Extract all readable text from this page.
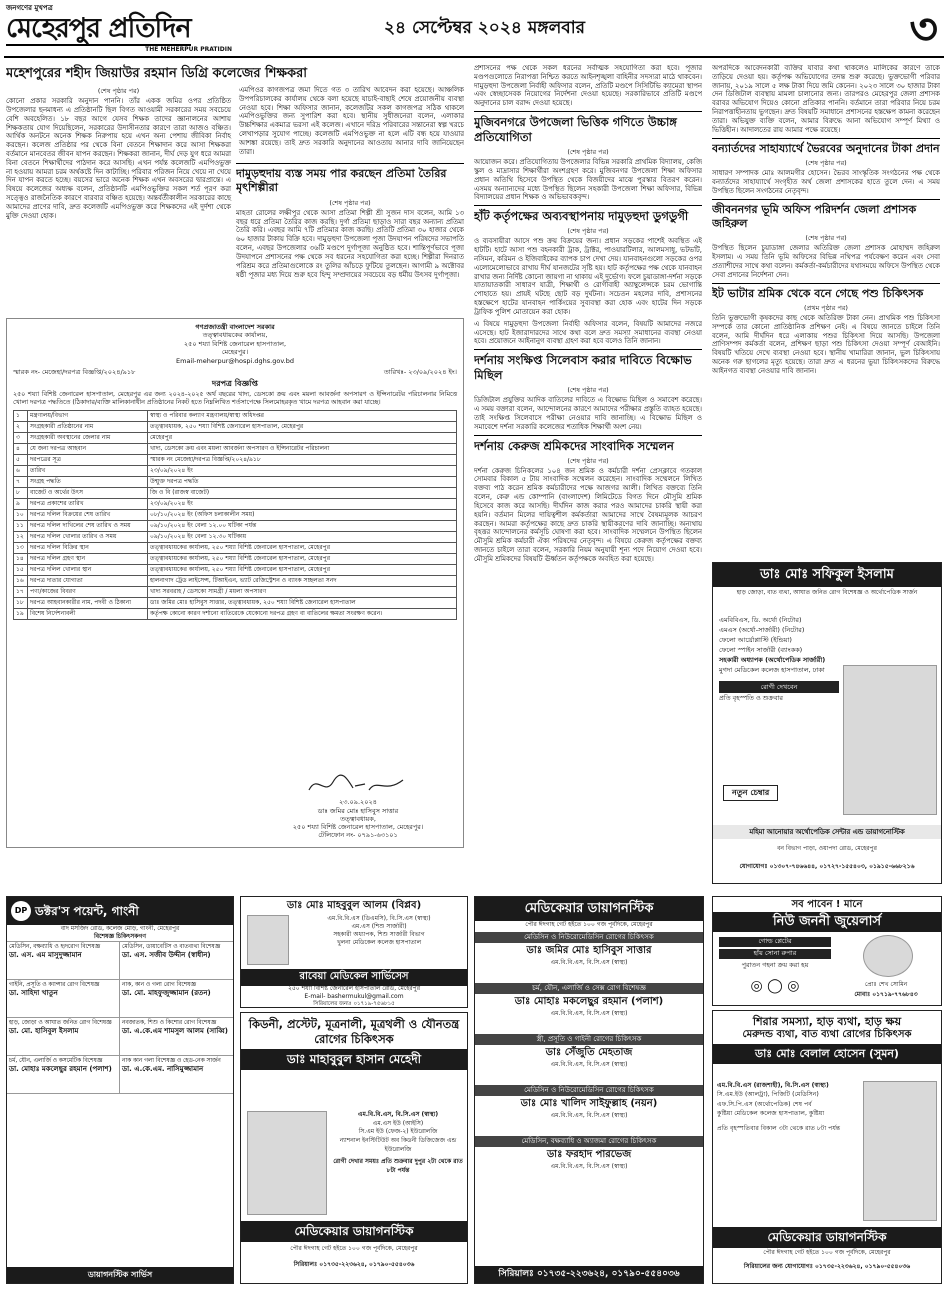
জনগণের মুখপত্র
মেহেরপুর প্রতিদিন
THE MEHERPUR PRATIDIN
২৪ সেপ্টেম্বর ২০২৪ মঙ্গলবার	৩
মহেশপুরের শহীদ জিয়াউর রহমান ডিগ্রি কলেজের শিক্ষকরা
(শেষ পৃষ্ঠার পর)
কোনো প্রকার সরকারি অনুদান পাননি। তাঁর একক জমির ওপর প্রতিষ্ঠিত উপজেলার ছনমাধন্য এ প্রতিষ্ঠানটি ছিল বিগত আওয়ামী সরকারের সময় সবচেয়ে বেশি অবহেলিত। ১৮ বছর আগে যেসব শিক্ষক তাদের জ্ঞানালনের আশায় শিক্ষকতায় যোগ দিয়েছিলেন, সরকারের উদাসীনতার কারণে তারা আজও বঞ্চিত। আর্থিক অনটনে অনেক শিক্ষক নিরুপায় হয়ে এখন অন্য পেশায় জীবিকা নির্বাহ করছেন। কলেজ প্রতিষ্ঠার পর থেকে বিনা বেতনে শিক্ষাদান করে আসা শিক্ষকরা বর্তমানে মানবেতর জীবন যাপন করছেন। শিক্ষকরা জানান, দীর্ঘ দেড় যুগ ধরে আমরা বিনা বেতনে শিক্ষার্থীদের পাঠদান করে আসছি। এখন পর্যন্ত কলেজটি এমপিওভুক্ত না হওয়ায় আমরা চরম অর্থকষ্টে দিন কাটাচ্ছি। পরিবার পরিজন নিয়ে খেয়ে না খেয়ে দিন যাপন করতে হচ্ছে। বয়সের ভারে অনেক শিক্ষক এখন অবসরের দ্বারপ্রান্তে। এ বিষয়ে কলেজের অধ্যক্ষ বলেন, প্রতিষ্ঠানটি এমপিওভুক্তির সকল শর্ত পূরণ করা সত্ত্বেও রাজনৈতিক কারণে বারবার বঞ্চিত হয়েছে। অন্তর্বর্তীকালীন সরকারের কাছে আমাদের প্রাণের দাবি, দ্রুত কলেজটি এমপিওভুক্ত করে শিক্ষকদের এই দুর্দশা থেকে মুক্তি দেওয়া হোক।
এমপিওর কাগজপত্র জমা দিতে গত ৩ তারিখ আবেদন করা হয়েছে। আঞ্চলিক উপপরিচালকের কার্যালয় থেকে বলা হয়েছে যাচাই-বাছাই শেষে প্রয়োজনীয় ব্যবস্থা নেওয়া হবে। শিক্ষা অফিসার জানান, কলেজটির সকল কাগজপত্র সঠিক থাকলে এমপিওভুক্তির জন্য সুপারিশ করা হবে। স্থানীয় সুধীজনেরা বলেন, এলাকার উচ্চশিক্ষার একমাত্র ভরসা এই কলেজ। এখানে দরিদ্র পরিবারের সন্তানেরা স্বল্প খরচে লেখাপড়ার সুযোগ পাচ্ছে। কলেজটি এমপিওভুক্ত না হলে এটি বন্ধ হয়ে যাওয়ার আশঙ্কা রয়েছে। তাই দ্রুত সরকারি অনুদানের আওতায় আনার দাবি জানিয়েছেন তারা।
দামুড়হুদায় ব্যস্ত সময় পার করছেন প্রতিমা তৈরির মৃৎশিল্পীরা
(শেষ পৃষ্ঠার পর)
মাহতা রোলের লক্ষীপুর থেকে আসা প্রতিমা শিল্পী শ্রী সুজন দাস বলেন, আমি ১৩ বছর ধরে প্রতিমা তৈরির কাজ করছি। দুর্গা প্রতিমা ছাড়াও সারা বছর অন্যান্য প্রতিমা তৈরি করি। এবছর আমি ৭টি প্রতিমার কাজ করছি। প্রতিটি প্রতিমা ৩০ হাজার থেকে ৬০ হাজার টাকায় বিক্রি হবে। দামুড়হুদা উপজেলা পূজা উদযাপন পরিষদের সভাপতি বলেন, এবছর উপজেলার ৩৬টি মণ্ডপে দুর্গাপূজা অনুষ্ঠিত হবে। শান্তিপূর্ণভাবে পূজা উদযাপনে প্রশাসনের পক্ষ থেকে সব ধরনের সহযোগিতা করা হচ্ছে। শিল্পীরা দিনরাত পরিশ্রম করে প্রতিমাগুলোকে রং তুলির আঁচড়ে ফুটিয়ে তুলছেন। আগামী ৯ অক্টোবর ষষ্ঠী পূজার মধ্য দিয়ে শুরু হবে হিন্দু সম্প্রদায়ের সবচেয়ে বড় ধর্মীয় উৎসব দুর্গাপূজা।
গণপ্রজাতন্ত্রী বাংলাদেশ সরকার
তত্ত্বাবধায়কের কার্যালয়,
২৫০ শয্যা বিশিষ্ট জেনারেল হাসপাতাল,
মেহেরপুর।
Email-meherpur@hospi.dghs.gov.bd
স্মারক নং- মেজেহা/দরপত্র বিজ্ঞপ্তি/২০২৪/৯১৮	তারিখঃ- ২৩/০৯/২০২৪ ইং।
দরপত্র বিজ্ঞপ্তি
২৫০ শয্যা বিশিষ্ট জেনারেল হাসপাতাল, মেহেরপুর এর জন্য ২০২৪-২০২৫ অর্থ বছরের খাদ্য, ডেসকো ক্রয় এবং ময়লা আবর্জনা অপসারণ ও ইন্সিনারেটর পরিচালনার নিমিত্তে খোলা দরপত্র পদ্ধতিতে (ঠিকাদার/ব্যক্তি মালিকানাধীন প্রতিষ্ঠানের নিকট হতে নিম্নলিখিত শর্তসাপেক্ষে সিলমোহরকৃত খামে দরপত্র আহবান করা যাচ্ছে।
১	মন্ত্রণালয়/বিভাগ	স্বাস্থ্য ও পরিবার কল্যাণ মন্ত্রণালয়/স্বাস্থ্য অধিদপ্তর
২	সংগ্রহকারী প্রতিষ্ঠানের নাম	তত্ত্বাবধায়ক, ২৫০ শয্যা বিশিষ্ট জেনারেল হাসপাতাল, মেহেরপুর
৩	সংগ্রহকারী অবস্থানের জেলার নাম	মেহেরপুর
৪	যে জন্য দরপত্র আহবান	খাদ্য, ডেসকো ক্রয় এবং ময়লা আবর্জনা অপসারণ ও ইন্সিনারেটর পরিচালনা
৫	দরপত্রের সূত্র	স্মারক নং মেজেহা/দরপত্র বিজ্ঞপ্তি/২০২৪/৯১৮
৬	তারিখ	২৩/০৯/২০২৪ ইং
৭	সংগ্রহ পদ্ধতি	উন্মুক্ত দরপত্র পদ্ধতি
৮	বাজেট ও অর্থের উৎস	জি ও বি (রাজস্ব বাজেট)
৯	দরপত্র প্রকাশের তারিখ	২৩/০৯/২০২৪ ইং
১০	দরপত্র দলিল বিক্রয়ের শেষ তারিখ	০৮/১০/২০২৪ ইং (অফিস চলাকালীন সময়)
১১	দরপত্র দলিল দাখিলের শেষ তারিখ ও সময়	০৯/১০/২০২৪ ইং বেলা ১২.০০ ঘটিকা পর্যন্ত
১২	দরপত্র দলিল খোলার তারিখ ও সময়	০৯/১০/২০২৪ ইং বেলা ১২.৩০ ঘটিকায়
১৩	দরপত্র দলিল বিক্রির স্থান	তত্ত্বাবধায়কের কার্যালয়, ২৫০ শয্যা বিশিষ্ট জেনারেল হাসপাতাল, মেহেরপুর
১৪	দরপত্র দলিল গ্রহণ স্থান	তত্ত্বাবধায়কের কার্যালয়, ২৫০ শয্যা বিশিষ্ট জেনারেল হাসপাতাল, মেহেরপুর
১৫	দরপত্র দলিল খোলার স্থান	তত্ত্বাবধায়কের কার্যালয়, ২৫০ শয্যা বিশিষ্ট জেনারেল হাসপাতাল, মেহেরপুর
১৬	দরপত্র দাতার যোগ্যতা	হালনাগাদ ট্রেড লাইসেন্স, টিআইএন, ভ্যাট রেজিস্ট্রেশন ও ব্যাংক সচ্ছলতা সনদ
১৭	পণ্য/কাজের বিবরণ	খাদ্য সরবরাহ / ডেসকো সামগ্রী / ময়লা অপসারণ
১৮	দরপত্র আহবানকারীর নাম, পদবী ও ঠিকানা	ডাঃ জমির মোঃ হাসিবুস সাত্তার, তত্ত্বাবধায়ক, ২৫০ শয্যা বিশিষ্ট জেনারেল হাসপাতাল
১৯	বিশেষ নির্দেশনাবলী	কর্তৃপক্ষ কোনো কারণ দর্শানো ব্যতিরেকে যেকোনো দরপত্র গ্রহণ বা বাতিলের ক্ষমতা সংরক্ষণ করেন।
২৩.০৯.২০২৪
ডাঃ জমির মোঃ হাসিবুস সাত্তার
তত্ত্বাবধায়ক,
২৫০ শয্যা বিশিষ্ট জেনারেল হাসপাতাল, মেহেরপুর।
টেলিফোন নং- ০৭৯১-৬৩১০১
প্রশাসনের পক্ষ থেকে সকল ধরনের সর্বাত্মক সহযোগিতা করা হবে। পূজার মণ্ডপগুলোতে নিরাপত্তা নিশ্চিত করতে আইনশৃঙ্খলা বাহিনীর সদস্যরা মাঠে থাকবেন। দামুড়হুদা উপজেলা নির্বাহী অফিসার বলেন, প্রতিটি মণ্ডপে সিসিটিভি ক্যামেরা স্থাপন এবং স্বেচ্ছাসেবক নিয়োগের নির্দেশনা দেওয়া হয়েছে। সরকারিভাবে প্রতিটি মণ্ডপে অনুদানের চাল বরাদ্দ দেওয়া হয়েছে।
মুজিবনগরে উপজেলা ভিত্তিক গণিতে উচ্চাঙ্গ প্রতিযোগিতা
(শেষ পৃষ্ঠার পর)
আয়োজন করে। প্রতিযোগিতায় উপজেলার বিভিন্ন সরকারি প্রাথমিক বিদ্যালয়, কেজি স্কুল ও মাদ্রাসার শিক্ষার্থীরা অংশগ্রহণ করে। মুজিবনগর উপজেলা শিক্ষা অফিসার প্রধান অতিথি হিসেবে উপস্থিত থেকে বিজয়ীদের মাঝে পুরস্কার বিতরণ করেন। এসময় অন্যান্যদের মধ্যে উপস্থিত ছিলেন সহকারী উপজেলা শিক্ষা অফিসার, বিভিন্ন বিদ্যালয়ের প্রধান শিক্ষক ও অভিভাবকবৃন্দ।
হাঁট কর্তৃপক্ষের অব্যবস্থাপনায় দামুড়হুদা ডুগডুগী
(শেষ পৃষ্ঠার পর)
ও ব্যবসায়ীরা আসে পশু ক্রয় বিক্রয়ের জন্য। প্রধান সড়কের পাশেই অবস্থিত এই হাটটি। হাটে আসা পশু বহনকারী ট্রাক, ট্রাক্টর, পাওয়ারটিলার, আলমসাধু, ভটভটি, নসিমন, করিমন ও ইজিবাইকের ব্যাপক চাপ দেখা দেয়। যানবাহনগুলো সড়কের ওপর এলোমেলোভাবে রাখায় দীর্ঘ যানজটের সৃষ্টি হয়। হাট কর্তৃপক্ষের পক্ষ থেকে যানবাহন রাখার জন্য নির্দিষ্ট কোনো জায়গা না থাকায় এই দুর্ভোগ। ফলে চুয়াডাঙ্গা-দর্শনা সড়কে যাতায়াতকারী সাধারণ যাত্রী, শিক্ষার্থী ও রোগীবাহী অ্যাম্বুলেন্সকে চরম ভোগান্তি পোহাতে হয়। প্রায়ই ঘটছে ছোট বড় দুর্ঘটনা। সচেতন মহলের দাবি, প্রশাসনের হস্তক্ষেপে হাটের যানবাহন পার্কিংয়ের সুব্যবস্থা করা হোক এবং হাটের দিন সড়কে ট্রাফিক পুলিশ মোতায়েন করা হোক।
এ বিষয়ে দামুড়হুদা উপজেলা নির্বাহী অফিসার বলেন, বিষয়টি আমাদের নজরে এসেছে। হাট ইজারাদারদের সাথে কথা বলে দ্রুত সমস্যা সমাধানের ব্যবস্থা নেওয়া হবে। প্রয়োজনে আইনানুগ ব্যবস্থা গ্রহণ করা হবে বলেও তিনি জানান।
দর্শনায় সংক্ষিপ্ত সিলেবাস করার দাবিতে বিক্ষোভ মিছিল
(শেষ পৃষ্ঠার পর)
ডিজিটাল প্রযুক্তির আদিক বাতিলের দাবিতে এ বিক্ষোভ মিছিল ও সমাবেশ করেছে। এ সময় বক্তারা বলেন, আন্দোলনের কারণে আমাদের পরীক্ষার প্রস্তুতি ব্যাহত হয়েছে। তাই সংক্ষিপ্ত সিলেবাসে পরীক্ষা নেওয়ার দাবি জানাচ্ছি। এ বিক্ষোভ মিছিল ও সমাবেশে দর্শনা সরকারি কলেজের শতাধিক শিক্ষার্থী অংশ নেয়।
দর্শনায় কেরুজ শ্রমিকদের সাংবাদিক সম্মেলন
(শেষ পৃষ্ঠার পর)
দর্শনা কেরুজ চিনিকলের ১০৪ জন শ্রমিক ও কর্মচারী দর্শনা প্রেসক্লাবে গতকাল সোমবার বিকাল ৫ টায় সাংবাদিক সম্মেলন করেছেন। সাংবাদিক সম্মেলনে লিখিত বক্তব্য পাঠ করেন শ্রমিক কর্মচারীদের পক্ষে আজগর আলী। লিখিত বক্তব্যে তিনি বলেন, কেরু এন্ড কোম্পানি (বাংলাদেশ) লিমিটেডে বিগত দিনে মৌসুমি শ্রমিক হিসেবে কাজ করে আসছি। দীর্ঘদিন কাজ করার পরও আমাদের চাকরি স্থায়ী করা হয়নি। বর্তমান মিলের দায়িত্বশীল কর্মকর্তারা আমাদের সাথে বৈষম্যমূলক আচরণ করছেন। আমরা কর্তৃপক্ষের কাছে দ্রুত চাকরি স্থায়ীকরণের দাবি জানাচ্ছি। অন্যথায় বৃহত্তর আন্দোলনের কর্মসূচি ঘোষণা করা হবে। সাংবাদিক সম্মেলনে উপস্থিত ছিলেন মৌসুমি শ্রমিক কর্মচারী ঐক্য পরিষদের নেতৃবৃন্দ। এ বিষয়ে কেরুজ কর্তৃপক্ষের বক্তব্য জানতে চাইলে তারা বলেন, সরকারি নিয়ম অনুযায়ী শূন্য পদে নিয়োগ দেওয়া হবে। মৌসুমি শ্রমিকদের বিষয়টি ঊর্ধ্বতন কর্তৃপক্ষকে অবহিত করা হয়েছে।
অপরদিকে আবেদনকারী ব্যক্তির যাবার কথা থাকলেও মালিকের কারণে তাকে তাড়িয়ে দেওয়া হয়। কর্তৃপক্ষ অভিযোগের তদন্ত শুরু করেছে। ভুক্তভোগী পরিবার জানায়, ২০১৯ সালে ৫ লক্ষ টাকা দিয়ে জমি কেনেন। ২০২৩ সালে ৩০ হাজার টাকা দেন ডিজিটাল ব্যবস্থায় মামলা চালানোর জন্য। তারপরও মেহেরপুর জেলা প্রশাসক বরাবর অভিযোগ দিয়েও কোনো প্রতিকার পাননি। বর্তমানে তারা পরিবার নিয়ে চরম নিরাপত্তাহীনতায় ভুগছেন। দ্রুত বিষয়টি সমাধানে প্রশাসনের হস্তক্ষেপ কামনা করেছেন তারা। অভিযুক্ত ব্যক্তি বলেন, আমার বিরুদ্ধে আনা অভিযোগ সম্পূর্ণ মিথ্যা ও ভিত্তিহীন। আদালতের রায় আমার পক্ষে রয়েছে।
বন্যার্তদের সাহায্যার্থে ভৈরবের অনুদানের টাকা প্রদান
(শেষ পৃষ্ঠার পর)
সাধারণ সম্পাদক মোঃ আলমগীর হোসেন। ভৈরব সাংস্কৃতিক সংগঠনের পক্ষ থেকে বন্যার্তদের সাহায্যার্থে সংগৃহীত অর্থ জেলা প্রশাসকের হাতে তুলে দেন। এ সময় উপস্থিত ছিলেন সংগঠনের নেতৃবৃন্দ।
জীবননগর ভূমি অফিস পরিদর্শন জেলা প্রশাসক জহিরুল
(শেষ পৃষ্ঠার পর)
উপস্থিত ছিলেন চুয়াডাঙ্গা জেলার অতিরিক্ত জেলা প্রশাসক মোহাম্মদ জহিরুল ইসলাম। এ সময় তিনি ভূমি অফিসের বিভিন্ন নথিপত্র পর্যবেক্ষণ করেন এবং সেবা প্রত্যাশীদের সাথে কথা বলেন। কর্মকর্তা-কর্মচারীদের যথাসময়ে অফিসে উপস্থিত থেকে সেবা প্রদানের নির্দেশনা দেন।
ইট ভাটার শ্রমিক থেকে বনে গেছে পশু চিকিৎসক
(প্রথম পৃষ্ঠার পর)
তিনি ভুক্তভোগী কৃষকদের কাছ থেকে অতিরিক্ত টাকা নেন। প্রাথমিক পশু চিকিৎসা সম্পর্কে তার কোনো প্রাতিষ্ঠানিক প্রশিক্ষণ নেই। এ বিষয়ে জানতে চাইলে তিনি বলেন, আমি দীর্ঘদিন ধরে এলাকায় পশুর চিকিৎসা দিয়ে আসছি। উপজেলা প্রাণিসম্পদ কর্মকর্তা বলেন, প্রশিক্ষণ ছাড়া পশু চিকিৎসা দেওয়া সম্পূর্ণ বেআইনি। বিষয়টি খতিয়ে দেখে ব্যবস্থা নেওয়া হবে। স্থানীয় খামারিরা জানান, ভুল চিকিৎসায় অনেক গরু ছাগলের মৃত্যু হয়েছে। তারা দ্রুত এ ধরনের ভুয়া চিকিৎসকদের বিরুদ্ধে আইনগত ব্যবস্থা নেওয়ার দাবি জানান।
ডাঃ মোঃ সফিকুল ইসলাম
হাড় জোড়া, বাত ব্যথা, আঘাত জনিত রোগ বিশেষজ্ঞ ও অর্থোপেডিক সার্জন
এমবিবিএস, ডি. অর্থো (নিটোর)
এমএস (অর্থো-সার্জারী) (নিটোর)
ফেলো আর্থ্রোপ্লাস্টি (ইন্ডিয়া)
ফেলো স্পাইন সার্জারী (ব্যাংকক)
সহকারী অধ্যাপক (অর্থোপেডিক সার্জারী)
মুগদা মেডিকেল কলেজ হাসপাতাল, ঢাকা
রোগী দেখবেন
প্রতি বৃহস্পতি ও শুক্রবার
নতুন চেম্বার
মহিমা আনোয়ার অর্থোপেডিক সেন্টার এন্ড ডায়াগনোস্টিক
বন বিভাগ পাড়া, ওয়াপদা রোড, মেহেরপুর
যোগাযোগঃ ০১৩০৭-৭৪৬৬৪৪, ০১৭২৭-১৫৫৪০৩, ০১৯১৫-৬৬৮২১৬
DP ডক্টর'স পয়েন্ট, গাংনী
বাদ মসজিদ রোড, কলেজ মোড়, গাংনী, মেহেরপুর
বিশেষজ্ঞ চিকিৎসকগণ
মেডিসিন, বক্ষব্যাধি ও হৃদরোগ বিশেষজ্ঞ
ডা. এস. এম মাসুদুজ্জামান
মেডিসিন, ডায়াবেটিস ও বাতব্যথা বিশেষজ্ঞ
ডা. এস. সজীব উদ্দীন (স্বাধীন)
গাইনি, প্রসূতি ও ক্যান্সার রোগ বিশেষজ্ঞ
ডা. সাহিদা খাতুন
নাক, কান ও গলা রোগ বিশেষজ্ঞ
ডা. মো. মাহফুজুজ্জামান (রতন)
হাড়, জোড়া ও আঘাত জনিত রোগ বিশেষজ্ঞ
ডা. মো. হাসিবুল ইসলাম
নবজাতক, শিশু ও কিশোর রোগ বিশেষজ্ঞ
ডা. এ.কে.এম শামসুল আলম (সাব্বি)
চর্ম, যৌন, এলার্জি ও কসমেটিক বিশেষজ্ঞ
ডা. মোহাঃ মকলেছুর রহমান (পলাশ)
নাক কান গলা বিশেষজ্ঞ ও হেড-নেক সার্জন
ডা. এ.কে.এম. নাসিমুজ্জামান
ডায়াগনস্টিক সার্ভিস
ডাঃ মোঃ মাহবুবুল আলম (বিপ্লব)
এম.বি.বি.এস (ডিএমসি), বি.সি.এস (স্বাস্থ্য)
এম.এস (শিশু সার্জারী)
সহকারী অধ্যাপক, শিশু সার্জারী বিভাগ
খুলনা মেডিকেল কলেজ হাসপাতাল
রাবেয়া মেডিকেল সার্ভিসেস
২৫০ শয্যা বিশিষ্ট জেনারেল হাসপাতাল রোড, মেহেরপুর
E-mail- bashermukul@gmail.com
সিরিয়ালের জন্যঃ ০১৭১৯-৭৫৬৮১৫
কিডনী, প্রস্টেট, মূত্রনালী, মূত্রথলী ও যৌনতন্ত্র রোগের চিকিৎসক
ডাঃ মাহাবুবুল হাসান মেহেদী
এম.বি.বি.এস, বি.সি.এস (স্বাস্থ্য)
এম.এস ইউ (আইসি)
সি.এম ইউ (ফেজ-২) ইউরোলজি
ন্যাশনাল ইনস্টিটিউট অব কিডনী ডিজিজেজ এন্ড ইউরোলজি
রোগী দেখার সময়ঃ প্রতি শুক্রবার দুপুর ২টা থেকে রাত ৮টা পর্যন্ত
মেডিকেয়ার ডায়াগনস্টিক
পৌর ঈদগাহ গেট হইতে ১০০ গজ পূর্বদিকে, মেহেরপুর
সিরিয়ালঃ ০১৭৩৫-২২৩৬২৪, ০১৭৯০-৫৫৪০৩৬
মেডিকেয়ার ডায়াগনস্টিক
পৌর ঈদগাহ গেট হইতে ১০০ গজ পূর্বদিকে, মেহেরপুর
মেডিসিন ও নিউরোমেডিসিন রোগের চিকিৎসক
ডাঃ জমির মোঃ হাসিবুস সাত্তার
এম.বি.বি.এস, বি.সি.এস (স্বাস্থ্য)
চর্ম, যৌন, এলার্জি ও সেক্স রোগ বিশেষজ্ঞ
ডাঃ মোহাঃ মকলেছুর রহমান (পলাশ)
এম.বি.বি.এস, বি.সি.এস (স্বাস্থ্য)
স্ত্রী, প্রসূতি ও গাইনী রোগের চিকিৎসক
ডাঃ সেঁজুতি মেহতাজ
এম.বি.বি.এস, বি.সি.এস (স্বাস্থ্য)
মেডিসিন ও নিউরোমেডিসিন রোগের চিকিৎসক
ডাঃ মোঃ খালিদ সাইফুল্লাহ (নয়ন)
এম.বি.বি.এস, বি.সি.এস (স্বাস্থ্য)
মেডিসিন, বক্ষব্যাধি ও অ্যাজমা রোগের চিকিৎসক
ডাঃ ফরহাদ পারভেজ
এম.বি.বি.এস, বি.সি.এস (স্বাস্থ্য)
সিরিয়ালঃ ০১৭৩৫-২২৩৬২৪, ০১৭৯০-৫৫৪০৩৬
সব পাবেন ! মানে
নিউ জননী জুয়েলার্স
গোল্ড প্লেটের
হাঁয় সোনা রুপার
পুরাতন গহনা ক্রয় করা হয়
◎ ◯ ◎	প্রোঃ শেখ সোমিন
মোবাঃ ০১৭১৯-৭৭৬৮৪৩
শিরার সমস্যা, হাড় ব্যথা, হাড় ক্ষয়
মেরুদন্ড ব্যথা, বাত ব্যথা রোগের চিকিৎসক
ডাঃ মোঃ বেলাল হোসেন (সুমন)
এম.বি.বি.এস (রাজশাহী), বি.সি.এস (স্বাস্থ্য)
সি.এম.ইউ (আলট্রা), পিজিটি (মেডিসিন)
এফ.সি.পি.এস (অর্থোপেডিক) শেষ পর্ব
কুষ্টিয়া মেডিকেল কলেজ হাসপাতাল, কুষ্টিয়া
প্রতি বৃহস্পতিবার বিকাল ৩টা থেকে রাত ৮টা পর্যন্ত
মেডিকেয়ার ডায়াগনস্টিক
পৌর ঈদগাহ গেট হইতে ১০০ গজ পূর্বদিকে, মেহেরপুর
সিরিয়ালের জন্য যোগাযোগঃ ০১৭৩৫-২২৩৬২৪, ০১৭৯০-৫৫৪০৩৬
